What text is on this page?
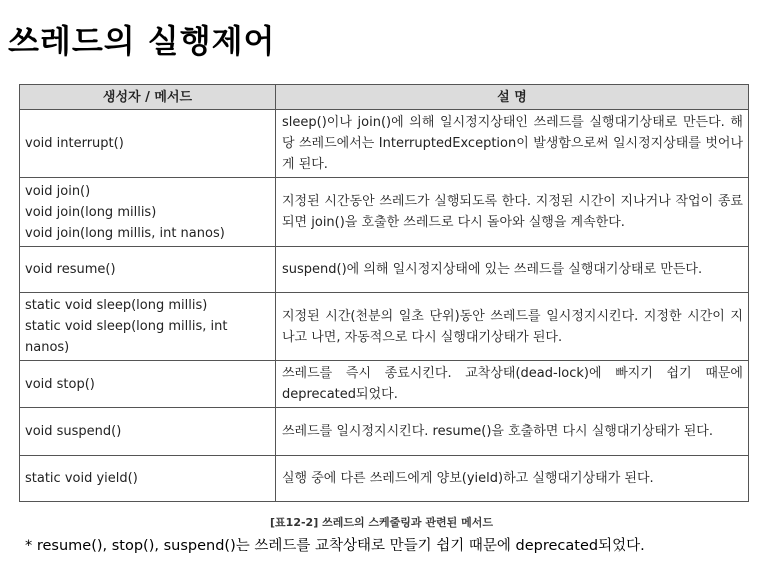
쓰레드의 실행제어
생성자 / 메서드	설 명

void interrupt()	sleep()이나 join()에 의해 일시정지상태인 쓰레드를 실행대기상태로 만든다. 해당 쓰레드에서는 InterruptedException이 발생함으로써 일시정지상태를 벗어나게 된다.

void join()
void join(long millis)
void join(long millis, int nanos)	지정된 시간동안 쓰레드가 실행되도록 한다. 지정된 시간이 지나거나 작업이 종료되면 join()을 호출한 쓰레드로 다시 돌아와 실행을 계속한다.

void resume()	suspend()에 의해 일시정지상태에 있는 쓰레드를 실행대기상태로 만든다.

static void sleep(long millis)
static void sleep(long millis, int nanos)	지정된 시간(천분의 일초 단위)동안 쓰레드를 일시정지시킨다. 지정한 시간이 지나고 나면, 자동적으로 다시 실행대기상태가 된다.

void stop()	쓰레드를 즉시 종료시킨다. 교착상태(dead-lock)에 빠지기 쉽기 때문에 deprecated되었다.

void suspend()	쓰레드를 일시정지시킨다. resume()을 호출하면 다시 실행대기상태가 된다.

static void yield()	실행 중에 다른 쓰레드에게 양보(yield)하고 실행대기상태가 된다.
[표12-2] 쓰레드의 스케줄링과 관련된 메서드
* resume(), stop(), suspend()는 쓰레드를 교착상태로 만들기 쉽기 때문에 deprecated되었다.
